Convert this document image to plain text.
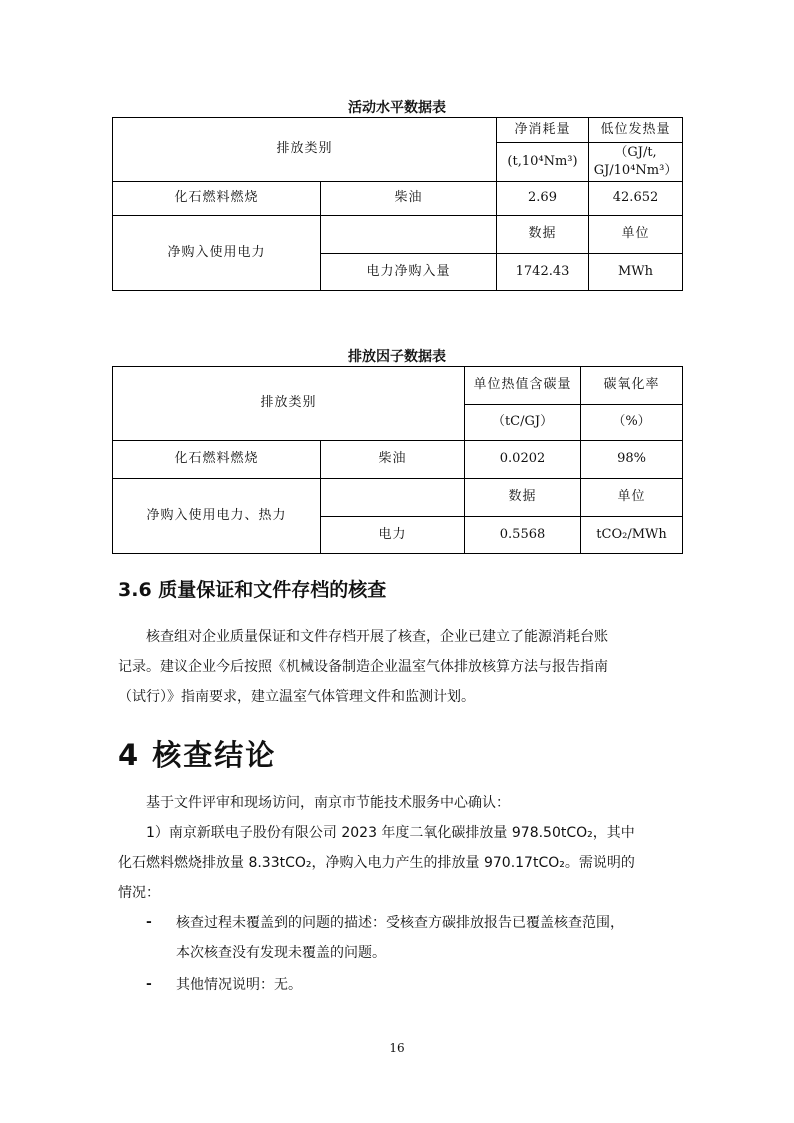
活动水平数据表
排放类别		净消耗量	低位发热量
		(t,10⁴Nm³)	（GJ/t,
GJ/10⁴Nm³）

化石燃料燃烧	柴油	2.69	42.652
净购入使用电力		数据	单位
	电力净购入量	1742.43	MWh
排放因子数据表
排放类别		单位热值含碳量	碳氧化率
		（tC/GJ）	（%）
化石燃料燃烧	柴油	0.0202	98%
净购入使用电力、热力		数据	单位
	电力	0.5568	tCO₂/MWh
3.6 质量保证和文件存档的核查
核查组对企业质量保证和文件存档开展了核查，企业已建立了能源消耗台账
记录。建议企业今后按照《机械设备制造企业温室气体排放核算方法与报告指南
（试行）》指南要求，建立温室气体管理文件和监测计划。
4 核查结论
基于文件评审和现场访问，南京市节能技术服务中心确认：
1）南京新联电子股份有限公司 2023 年度二氧化碳排放量 978.50tCO₂，其中
化石燃料燃烧排放量 8.33tCO₂，净购入电力产生的排放量 970.17tCO₂。需说明的
情况：
- 核查过程未覆盖到的问题的描述：受核查方碳排放报告已覆盖核查范围，
本次核查没有发现未覆盖的问题。
- 其他情况说明：无。
16
